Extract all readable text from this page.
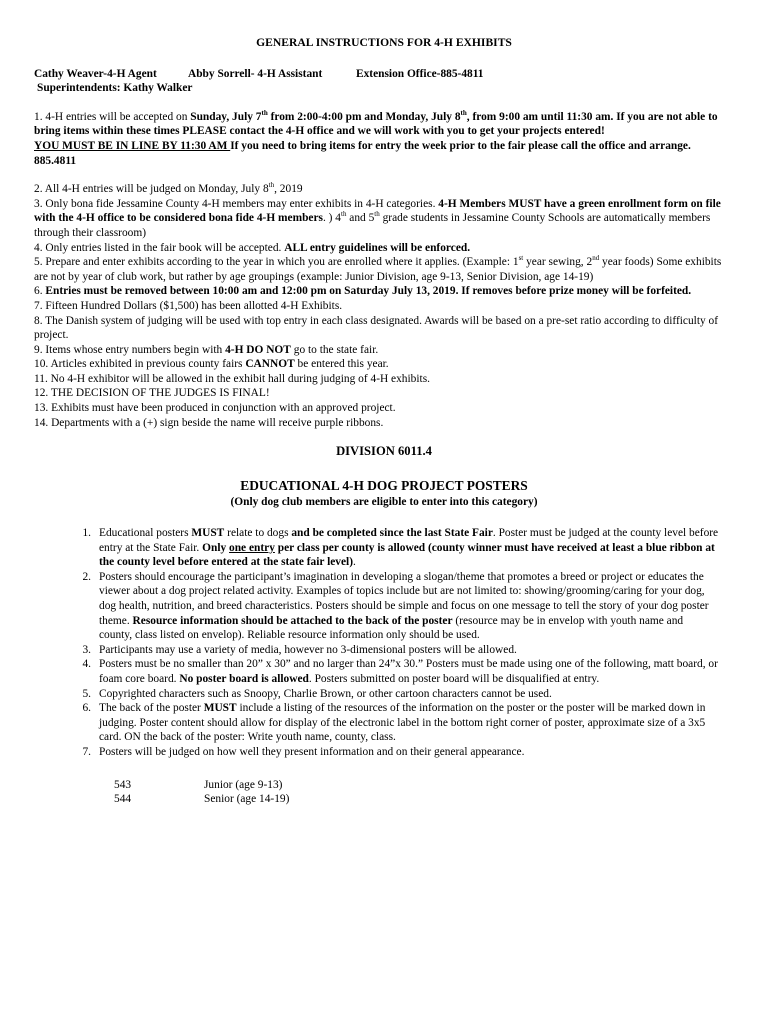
GENERAL INSTRUCTIONS FOR 4-H EXHIBITS
Cathy Weaver-4-H Agent	Abby Sorrell- 4-H Assistant	Extension Office-885-4811
Superintendents: Kathy Walker
1. 4-H entries will be accepted on Sunday, July 7th from 2:00-4:00 pm and Monday, July 8th, from 9:00 am until 11:30 am. If you are not able to bring items within these times PLEASE contact the 4-H office and we will work with you to get your projects entered!
YOU MUST BE IN LINE BY 11:30 AM If you need to bring items for entry the week prior to the fair please call the office and arrange. 885.4811
2. All 4-H entries will be judged on Monday, July 8th, 2019
3. Only bona fide Jessamine County 4-H members may enter exhibits in 4-H categories. 4-H Members MUST have a green enrollment form on file with the 4-H office to be considered bona fide 4-H members. ) 4th and 5th grade students in Jessamine County Schools are automatically members through their classroom)
4. Only entries listed in the fair book will be accepted. ALL entry guidelines will be enforced.
5. Prepare and enter exhibits according to the year in which you are enrolled where it applies. (Example: 1st year sewing, 2nd year foods) Some exhibits are not by year of club work, but rather by age groupings (example: Junior Division, age 9-13, Senior Division, age 14-19)
6. Entries must be removed between 10:00 am and 12:00 pm on Saturday July 13, 2019. If removes before prize money will be forfeited.
7. Fifteen Hundred Dollars ($1,500) has been allotted 4-H Exhibits.
8. The Danish system of judging will be used with top entry in each class designated. Awards will be based on a pre-set ratio according to difficulty of project.
9. Items whose entry numbers begin with 4-H DO NOT go to the state fair.
10. Articles exhibited in previous county fairs CANNOT be entered this year.
11. No 4-H exhibitor will be allowed in the exhibit hall during judging of 4-H exhibits.
12. THE DECISION OF THE JUDGES IS FINAL!
13. Exhibits must have been produced in conjunction with an approved project.
14. Departments with a (+) sign beside the name will receive purple ribbons.
DIVISION 6011.4
EDUCATIONAL 4-H DOG PROJECT POSTERS
(Only dog club members are eligible to enter into this category)
1. Educational posters MUST relate to dogs and be completed since the last State Fair. Poster must be judged at the county level before entry at the State Fair. Only one entry per class per county is allowed (county winner must have received at least a blue ribbon at the county level before entered at the state fair level).
2. Posters should encourage the participant’s imagination in developing a slogan/theme that promotes a breed or project or educates the viewer about a dog project related activity. Examples of topics include but are not limited to: showing/grooming/caring for your dog, dog health, nutrition, and breed characteristics. Posters should be simple and focus on one message to tell the story of your dog poster theme. Resource information should be attached to the back of the poster (resource may be in envelop with youth name and county, class listed on envelop). Reliable resource information only should be used.
3. Participants may use a variety of media, however no 3-dimensional posters will be allowed.
4. Posters must be no smaller than 20” x 30” and no larger than 24”x 30.” Posters must be made using one of the following, matt board, or foam core board. No poster board is allowed. Posters submitted on poster board will be disqualified at entry.
5. Copyrighted characters such as Snoopy, Charlie Brown, or other cartoon characters cannot be used.
6. The back of the poster MUST include a listing of the resources of the information on the poster or the poster will be marked down in judging. Poster content should allow for display of the electronic label in the bottom right corner of poster, approximate size of a 3x5 card. ON the back of the poster: Write youth name, county, class.
7. Posters will be judged on how well they present information and on their general appearance.
543	Junior (age 9-13)
544	Senior (age 14-19)
